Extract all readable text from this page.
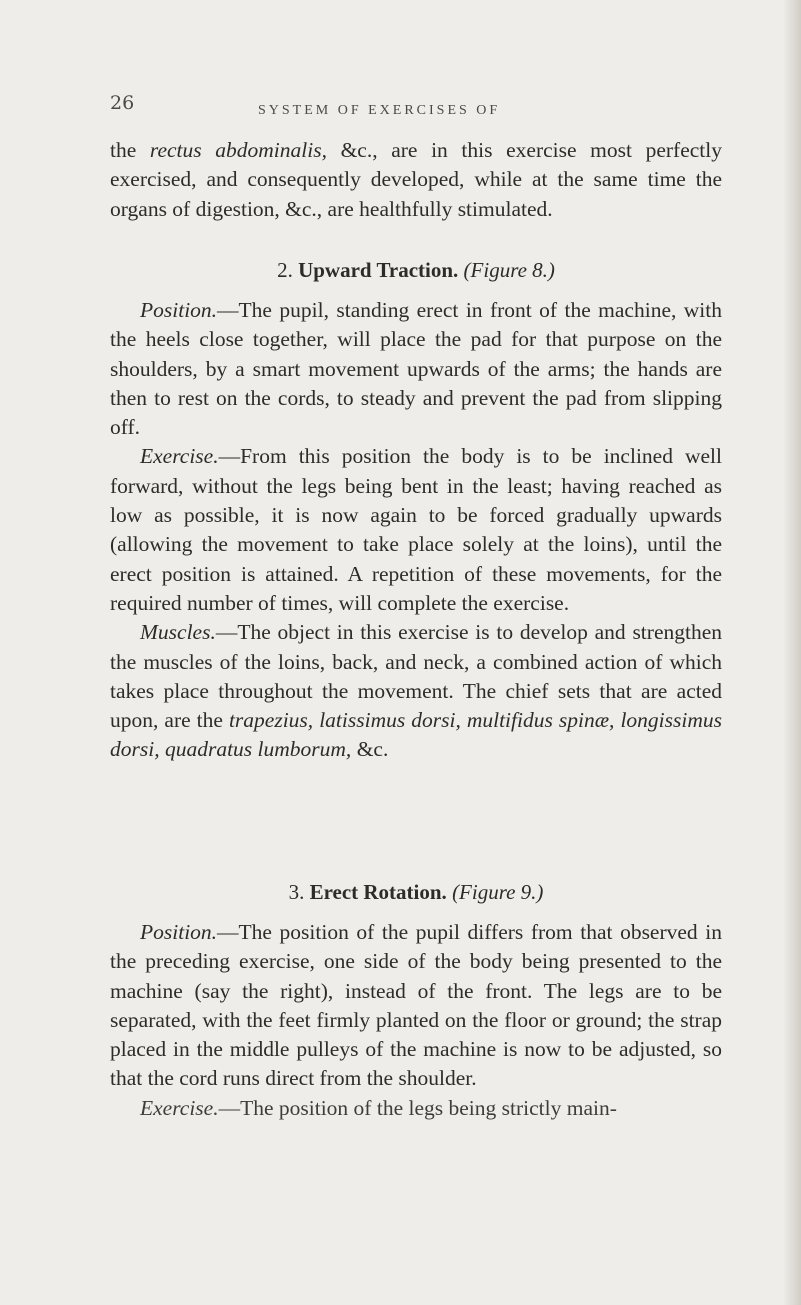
26	SYSTEM OF EXERCISES OF

the rectus abdominalis, &c., are in this exercise most perfectly exercised, and consequently developed, while at the same time the organs of digestion, &c., are healthfully stimulated.

2. Upward Traction. (Figure 8.)

Position.—The pupil, standing erect in front of the machine, with the heels close together, will place the pad for that purpose on the shoulders, by a smart movement upwards of the arms; the hands are then to rest on the cords, to steady and prevent the pad from slipping off.

Exercise.—From this position the body is to be inclined well forward, without the legs being bent in the least; having reached as low as possible, it is now again to be forced gradually upwards (allowing the movement to take place solely at the loins), until the erect position is attained. A repetition of these movements, for the required number of times, will complete the exercise.

Muscles.—The object in this exercise is to develop and strengthen the muscles of the loins, back, and neck, a combined action of which takes place throughout the movement. The chief sets that are acted upon, are the trapezius, latissimus dorsi, multifidus spinæ, longissimus dorsi, quadratus lumborum, &c.

3. Erect Rotation. (Figure 9.)

Position.—The position of the pupil differs from that observed in the preceding exercise, one side of the body being presented to the machine (say the right), instead of the front. The legs are to be separated, with the feet firmly planted on the floor or ground; the strap placed in the middle pulleys of the machine is now to be adjusted, so that the cord runs direct from the shoulder.

Exercise.—The position of the legs being strictly main-
